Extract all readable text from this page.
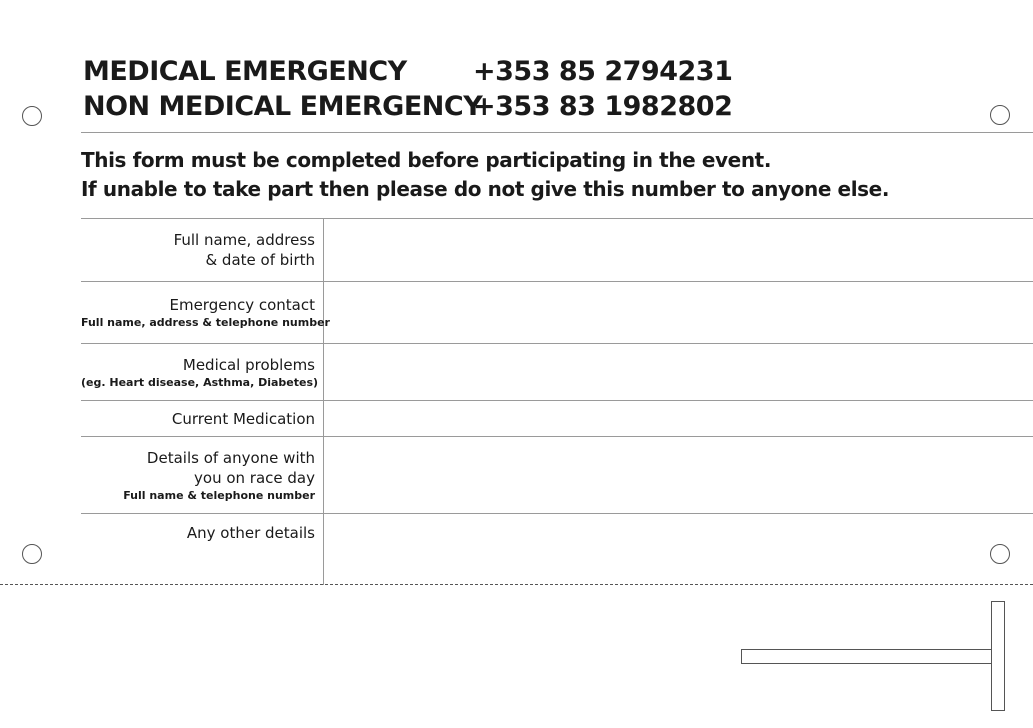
MEDICAL EMERGENCY	+353 85 2794231
NON MEDICAL EMERGENCY
+353 83 1982802
This form must be completed before participating in the event.
If unable to take part then please do not give this number to anyone else.
Full name, address
& date of birth
Emergency contact
Full name, address & telephone number
Medical problems
(eg. Heart disease, Asthma, Diabetes)
Current Medication
Details of anyone with
you on race day
Full name & telephone number
Any other details
